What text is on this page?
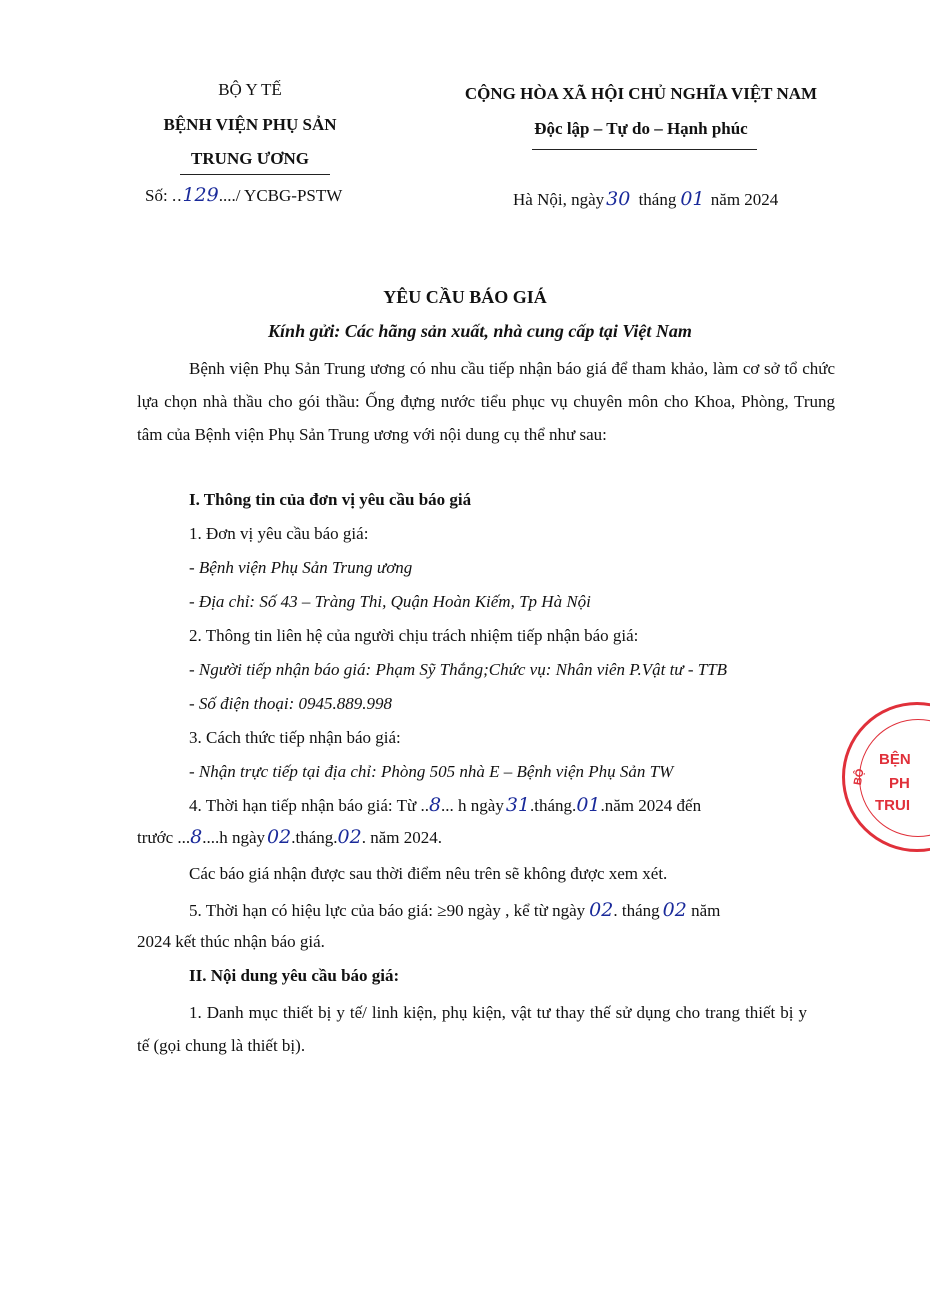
BỘ Y TẾ
BỆNH VIỆN PHỤ SẢN
TRUNG ƯƠNG
Số: ..129..../ YCBG-PSTW
CỘNG HÒA XÃ HỘI CHỦ NGHĨA VIỆT NAM
Độc lập – Tự do – Hạnh phúc
Hà Nội, ngày 30 tháng 01 năm 2024
YÊU CẦU BÁO GIÁ
Kính gửi: Các hãng sản xuất, nhà cung cấp tại Việt Nam

Bệnh viện Phụ Sản Trung ương có nhu cầu tiếp nhận báo giá để tham khảo, làm cơ sở tổ chức lựa chọn nhà thầu cho gói thầu: Ống đựng nước tiểu phục vụ chuyên môn cho Khoa, Phòng, Trung tâm của Bệnh viện Phụ Sản Trung ương với nội dung cụ thể như sau:

I. Thông tin của đơn vị yêu cầu báo giá
1. Đơn vị yêu cầu báo giá:
- Bệnh viện Phụ Sản Trung ương
- Địa chỉ: Số 43 – Tràng Thi, Quận Hoàn Kiếm, Tp Hà Nội
2. Thông tin liên hệ của người chịu trách nhiệm tiếp nhận báo giá:
- Người tiếp nhận báo giá: Phạm Sỹ Thắng;Chức vụ: Nhân viên P.Vật tư - TTB
- Số điện thoại: 0945.889.998
3. Cách thức tiếp nhận báo giá:
- Nhận trực tiếp tại địa chỉ: Phòng 505 nhà E – Bệnh viện Phụ Sản TW
4. Thời hạn tiếp nhận báo giá: Từ ..8... h ngày 31.tháng.01.năm 2024 đến
trước ...8....h ngày 02.tháng.02. năm 2024.
Các báo giá nhận được sau thời điểm nêu trên sẽ không được xem xét.
5. Thời hạn có hiệu lực của báo giá: ≥90 ngày , kể từ ngày 02. tháng 02 năm
2024 kết thúc nhận báo giá.
II. Nội dung yêu cầu báo giá:

1. Danh mục thiết bị y tế/ linh kiện, phụ kiện, vật tư thay thế sử dụng cho trang thiết bị y tế (gọi chung là thiết bị).

BỆN
PH
TRUI
BỘ
